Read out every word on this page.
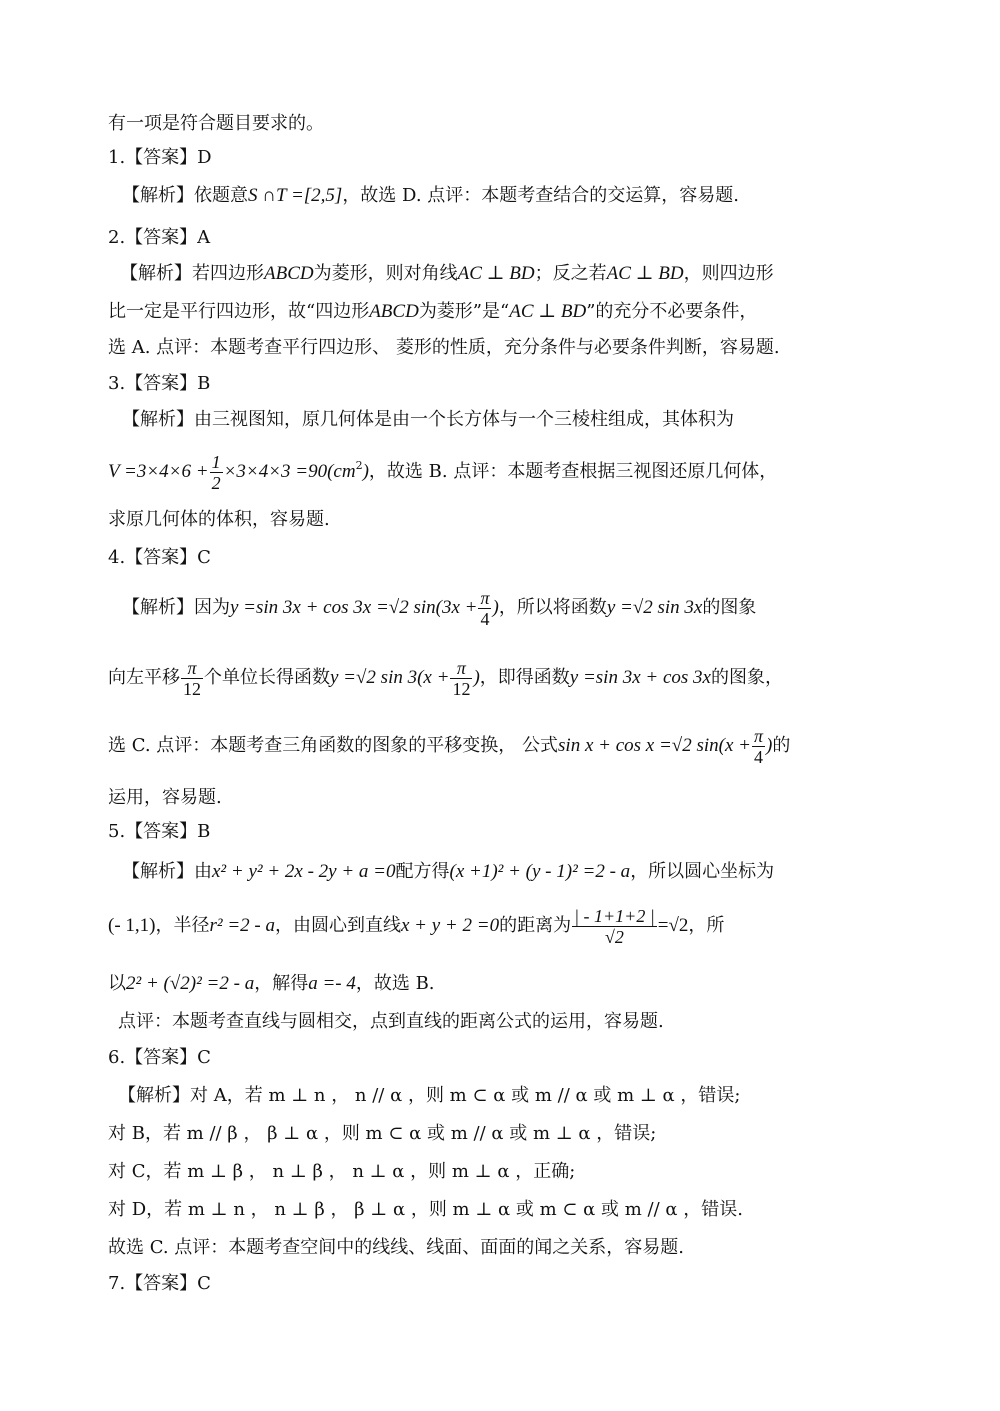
有一项是符合题目要求的。
1.【答案】D
【解析】依题意S ∩T =[2,5]，故选 D. 点评：本题考查结合的交运算，容易题.
2.【答案】A
【解析】若四边形ABCD为菱形，则对角线AC ⊥ BD；反之若AC ⊥ BD，则四边形
比一定是平行四边形，故“四边形ABCD为菱形”是“AC ⊥ BD”的充分不必要条件，
选 A. 点评：本题考查平行四边形、 菱形的性质，充分条件与必要条件判断，容易题.
3.【答案】B
【解析】由三视图知，原几何体是由一个长方体与一个三棱柱组成，其体积为
$V =3\times 4\times 6 + \frac{1}{2} \times 3\times 4\times 3 =90(cm^2)$，故选 B. 点评：本题考查根据三视图还原几何体，
求原几何体的体积，容易题.
4.【答案】C
【解析】因为y =sin 3x + cos 3x =√2 $\sin(3x + \frac{\pi}{4}$ )，所以将函数y =√2 sin 3x的图象
向左平移 $\frac{\pi}{12}$ 个单位长得函数y =√2 $\sin 3(x + \frac{\pi}{12}$ )，即得函数y =sin 3x + cos 3x的图象，
选 C. 点评：本题考查三角函数的图象的平移变换， 公式sin x + cos x =√2 $\sin(x + \frac{\pi}{4}$ )的
运用，容易题.
5.【答案】B
【解析】由x² + y² + 2x - 2y + a =0配方得(x +1)² + (y - 1)² =2 - a，所以圆心坐标为
(- 1,1)，半径r² =2 - a，由圆心到直线x + y + 2 =0的距离为 $\frac{| - 1+1+2 |}{√2} =√2$，所
以2² + (√2)² =2 - a，解得a =- 4，故选 B.
点评：本题考查直线与圆相交，点到直线的距离公式的运用，容易题.
6.【答案】C
【解析】对 A，若 m ⊥ n ， n // α ，则 m ⊂ α 或 m // α 或 m ⊥ α ，错误;
对 B，若 m // β ， β ⊥ α ，则 m ⊂ α 或 m // α 或 m ⊥ α ，错误;
对 C，若 m ⊥ β ， n ⊥ β ， n ⊥ α ，则 m ⊥ α ，正确;
对 D，若 m ⊥ n ， n ⊥ β ， β ⊥ α ，则 m ⊥ α 或 m ⊂ α 或 m // α ，错误.
故选 C. 点评：本题考查空间中的线线、线面、面面的闻之关系，容易题.
7.【答案】C
